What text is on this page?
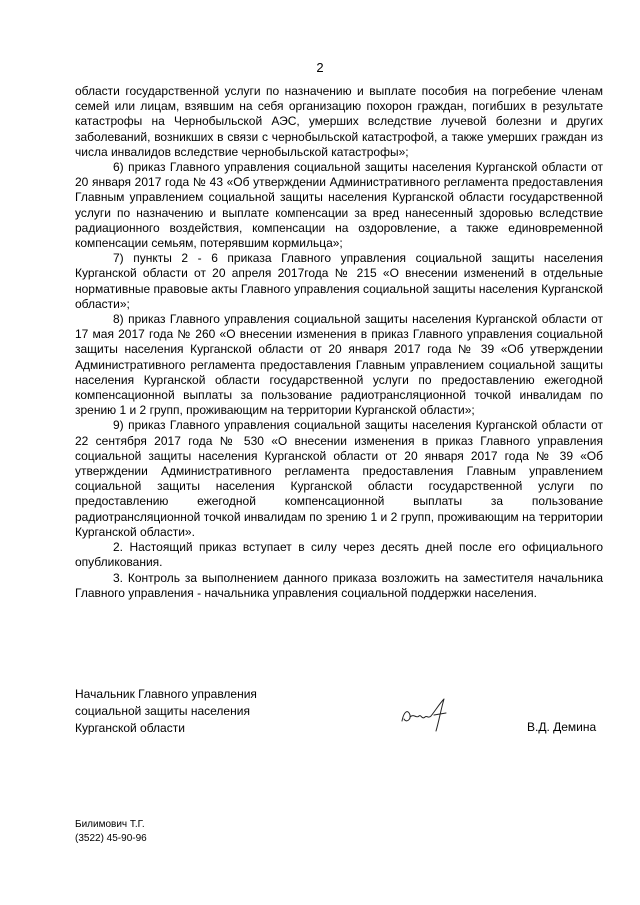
2

области государственной услуги по назначению и выплате пособия на погребение членам семей или лицам, взявшим на себя организацию похорон граждан, погибших в результате катастрофы на Чернобыльской АЭС, умерших вследствие лучевой болезни и других заболеваний, возникших в связи с чернобыльской катастрофой, а также умерших граждан из числа инвалидов вследствие чернобыльской катастрофы»;

6) приказ Главного управления социальной защиты населения Курганской области от 20 января 2017 года № 43 «Об утверждении Административного регламента предоставления Главным управлением социальной защиты населения Курганской области государственной услуги по назначению и выплате компенсации за вред нанесенный здоровью вследствие радиационного воздействия, компенсации на оздоровление, а также единовременной компенсации семьям, потерявшим кормильца»;

7) пункты 2 - 6 приказа Главного управления социальной защиты населения Курганской области от 20 апреля 2017года № 215 «О внесении изменений в отдельные нормативные правовые акты Главного управления социальной защиты населения Курганской области»;

8) приказ Главного управления социальной защиты населения Курганской области от 17 мая 2017 года № 260 «О внесении изменения в приказ Главного управления социальной защиты населения Курганской области от 20 января 2017 года № 39 «Об утверждении Административного регламента предоставления Главным управлением социальной защиты населения Курганской области государственной услуги по предоставлению ежегодной компенсационной выплаты за пользование радиотрансляционной точкой инвалидам по зрению 1 и 2 групп, проживающим на территории Курганской области»;

9) приказ Главного управления социальной защиты населения Курганской области от 22 сентября 2017 года № 530 «О внесении изменения в приказ Главного управления социальной защиты населения Курганской области от 20 января 2017 года № 39 «Об утверждении Административного регламента предоставления Главным управлением социальной защиты населения Курганской области государственной услуги по предоставлению ежегодной компенсационной выплаты за пользование радиотрансляционной точкой инвалидам по зрению 1 и 2 групп, проживающим на территории Курганской области».

2. Настоящий приказ вступает в силу через десять дней после его официального опубликования.

3. Контроль за выполнением данного приказа возложить на заместителя начальника Главного управления - начальника управления социальной поддержки населения.

Начальник Главного управления
социальной защиты населения
Курганской области	В.Д. Демина
Билимович Т.Г.
(3522) 45-90-96
